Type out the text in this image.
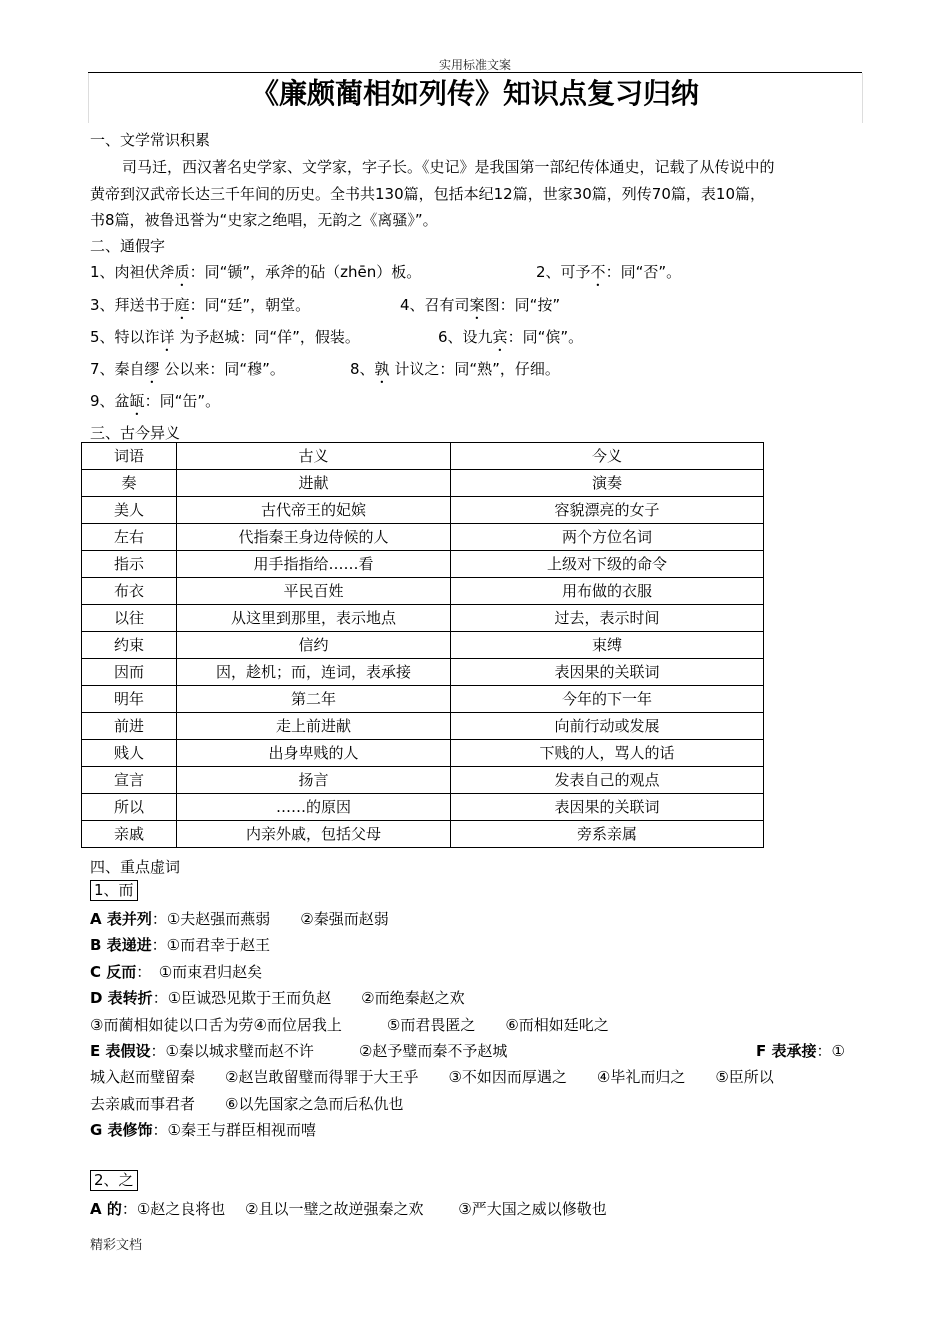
实用标准文案
《廉颇蔺相如列传》知识点复习归纳
一、文学常识积累
司马迁，西汉著名史学家、文学家，字子长。《史记》是我国第一部纪传体通史，记载了从传说中的
黄帝到汉武帝长达三千年间的历史。全书共130篇，包括本纪12篇，世家30篇，列传70篇，表10篇，
书8篇，被鲁迅誉为“史家之绝唱，无韵之《离骚》”。
二、通假字
1、肉袒伏斧质：同“锧”，承斧的砧（zhēn）板。	2、可予不：同“否”。
3、拜送书于庭：同“廷”，朝堂。	4、召有司案图：同“按”
5、特以诈详 为予赵城：同“佯”，假装。	6、设九宾：同“傧”。
7、秦自缪 公以来：同“穆”。	8、孰 计议之：同“熟”，仔细。
9、盆缻：同“缶”。
三、古今异义
词语	古义	今义
奏	进献	演奏
美人	古代帝王的妃嫔	容貌漂亮的女子
左右	代指秦王身边侍候的人	两个方位名词
指示	用手指指给……看	上级对下级的命令
布衣	平民百姓	用布做的衣服
以往	从这里到那里，表示地点	过去，表示时间
约束	信约	束缚
因而	因，趁机；而，连词，表承接	表因果的关联词
明年	第二年	今年的下一年
前进	走上前进献	向前行动或发展
贱人	出身卑贱的人	下贱的人，骂人的话
宣言	扬言	发表自己的观点
所以	……的原因	表因果的关联词
亲戚	内亲外戚，包括父母	旁系亲属
四、重点虚词
1、而
A 表并列：①夫赵强而燕弱　　②秦强而赵弱
B 表递进：①而君幸于赵王
C 反而：　①而束君归赵矣
D 表转折：①臣诚恐见欺于王而负赵　　②而绝秦赵之欢
③而蔺相如徒以口舌为劳④而位居我上　　　⑤而君畏匿之　　⑥而相如廷叱之
E 表假设：①秦以城求璧而赵不许　　　②赵予璧而秦不予赵城	F 表承接：①
城入赵而璧留秦　　②赵岂敢留璧而得罪于大王乎　　③不如因而厚遇之　　④毕礼而归之　　⑤臣所以
去亲戚而事君者　　⑥以先国家之急而后私仇也
G 表修饰：①秦王与群臣相视而嘻
2、之
A 的：①赵之良将也　 ②且以一璧之故逆强秦之欢　　 ③严大国之威以修敬也
精彩文档
